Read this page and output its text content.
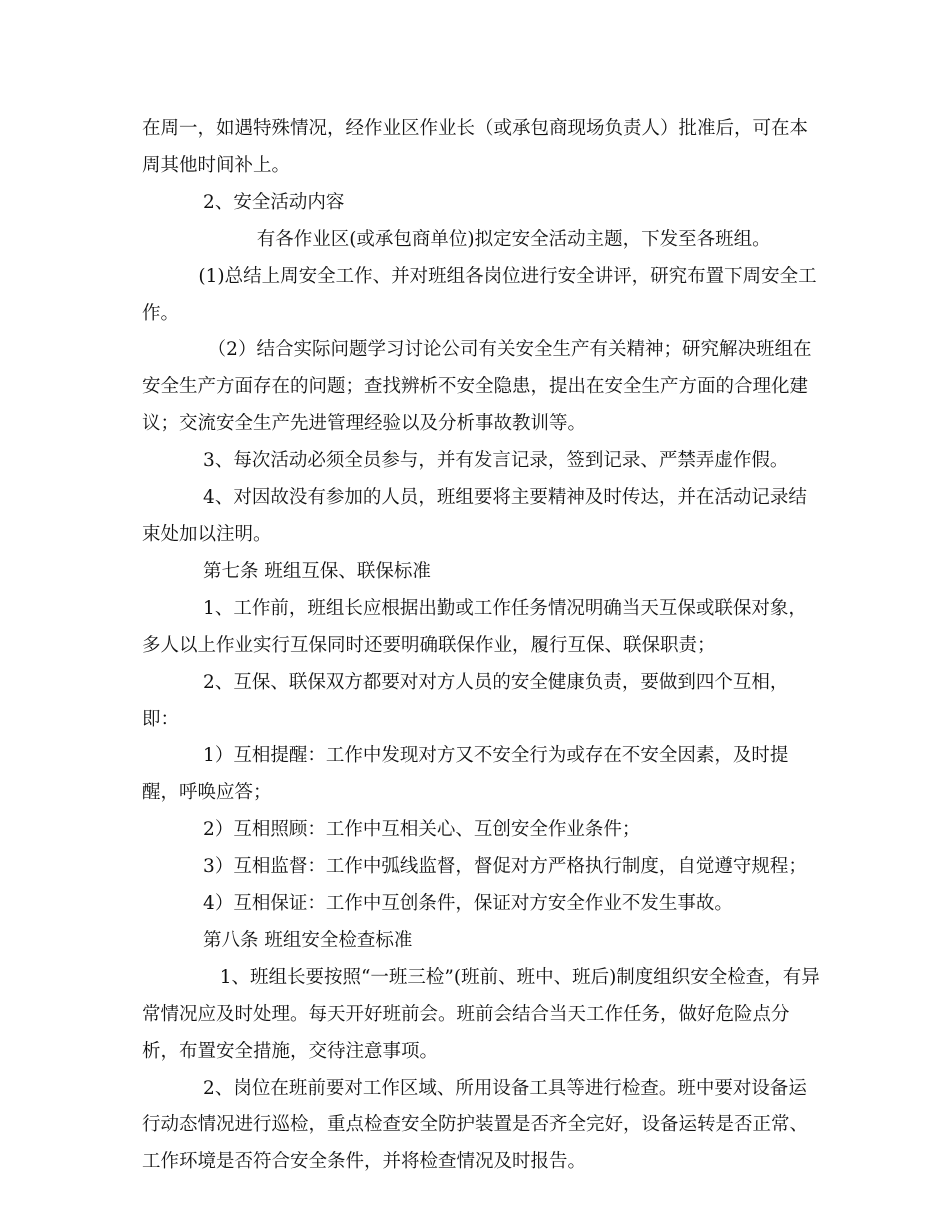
在周一，如遇特殊情况，经作业区作业长（或承包商现场负责人）批准后，可在本周其他时间补上。

2、安全活动内容

有各作业区(或承包商单位)拟定安全活动主题，下发至各班组。

(1)总结上周安全工作、并对班组各岗位进行安全讲评，研究布置下周安全工作。

（2）结合实际问题学习讨论公司有关安全生产有关精神；研究解决班组在安全生产方面存在的问题；查找辨析不安全隐患，提出在安全生产方面的合理化建议；交流安全生产先进管理经验以及分析事故教训等。

3、每次活动必须全员参与，并有发言记录，签到记录、严禁弄虚作假。

4、对因故没有参加的人员，班组要将主要精神及时传达，并在活动记录结束处加以注明。

第七条 班组互保、联保标准

1、工作前，班组长应根据出勤或工作任务情况明确当天互保或联保对象，多人以上作业实行互保同时还要明确联保作业，履行互保、联保职责；

2、互保、联保双方都要对对方人员的安全健康负责，要做到四个互相，即：

1）互相提醒：工作中发现对方又不安全行为或存在不安全因素，及时提醒，呼唤应答；

2）互相照顾：工作中互相关心、互创安全作业条件；

3）互相监督：工作中弧线监督，督促对方严格执行制度，自觉遵守规程；

4）互相保证：工作中互创条件，保证对方安全作业不发生事故。

第八条 班组安全检查标准

1、班组长要按照“一班三检”(班前、班中、班后)制度组织安全检查，有异常情况应及时处理。每天开好班前会。班前会结合当天工作任务，做好危险点分析，布置安全措施，交待注意事项。

2、岗位在班前要对工作区域、所用设备工具等进行检查。班中要对设备运行动态情况进行巡检，重点检查安全防护装置是否齐全完好，设备运转是否正常、工作环境是否符合安全条件，并将检查情况及时报告。
